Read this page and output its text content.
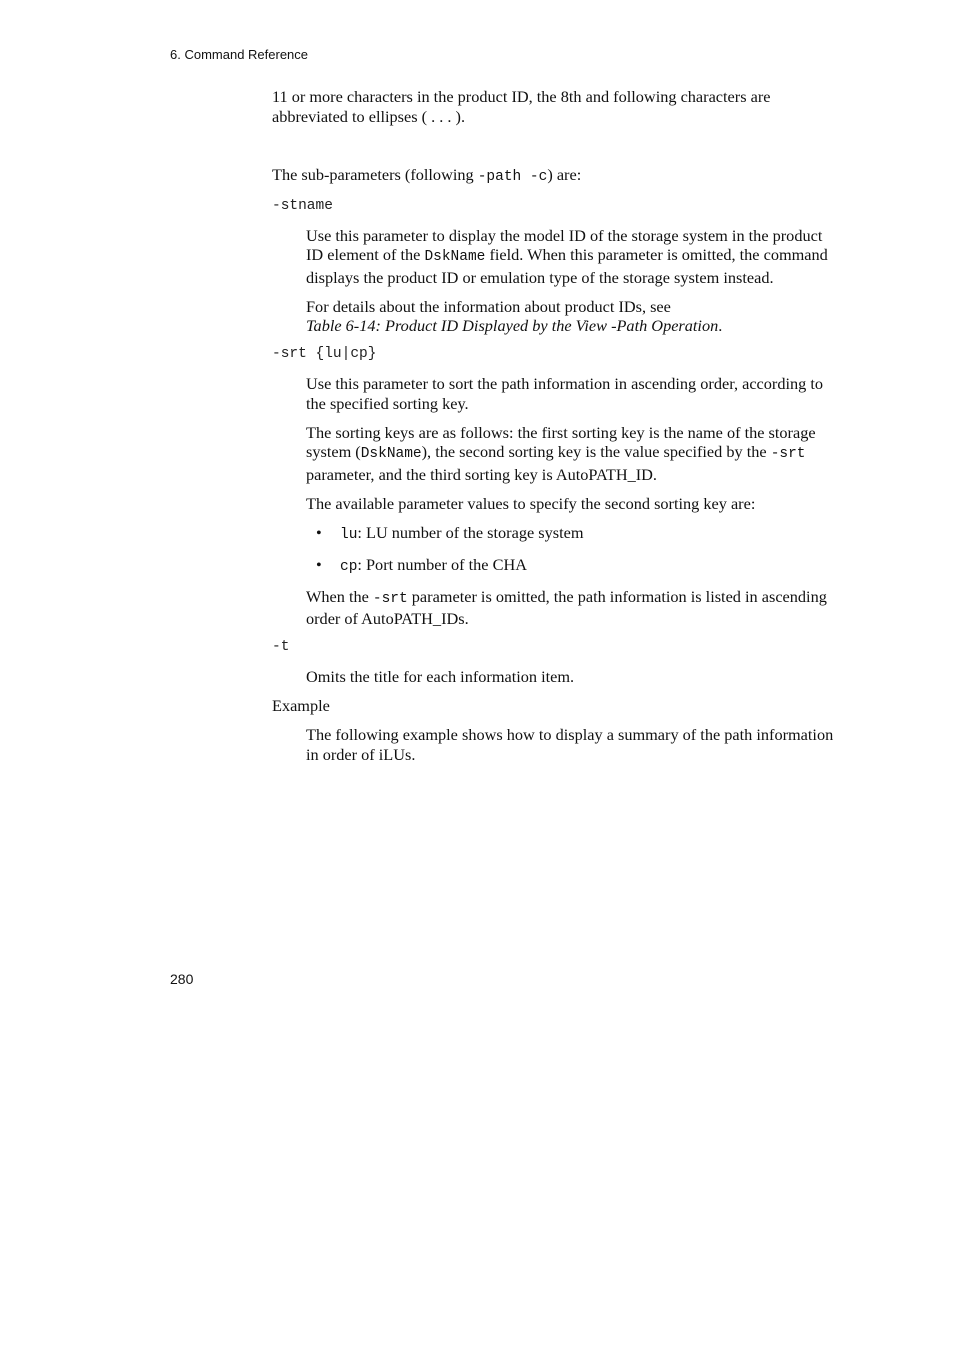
6. Command Reference

11 or more characters in the product ID, the 8th and following characters are abbreviated to ellipses ( . . . ).

The sub-parameters (following -path -c) are:

-stname

Use this parameter to display the model ID of the storage system in the product ID element of the DskName field. When this parameter is omitted, the command displays the product ID or emulation type of the storage system instead.

For details about the information about product IDs, see
Table 6-14: Product ID Displayed by the View -Path Operation.

-srt {lu|cp}

Use this parameter to sort the path information in ascending order, according to the specified sorting key.

The sorting keys are as follows: the first sorting key is the name of the storage system (DskName), the second sorting key is the value specified by the -srt parameter, and the third sorting key is AutoPATH_ID.

The available parameter values to specify the second sorting key are:

• lu: LU number of the storage system
• cp: Port number of the CHA

When the -srt parameter is omitted, the path information is listed in ascending order of AutoPATH_IDs.

-t

Omits the title for each information item.

Example

The following example shows how to display a summary of the path information in order of iLUs.

280
